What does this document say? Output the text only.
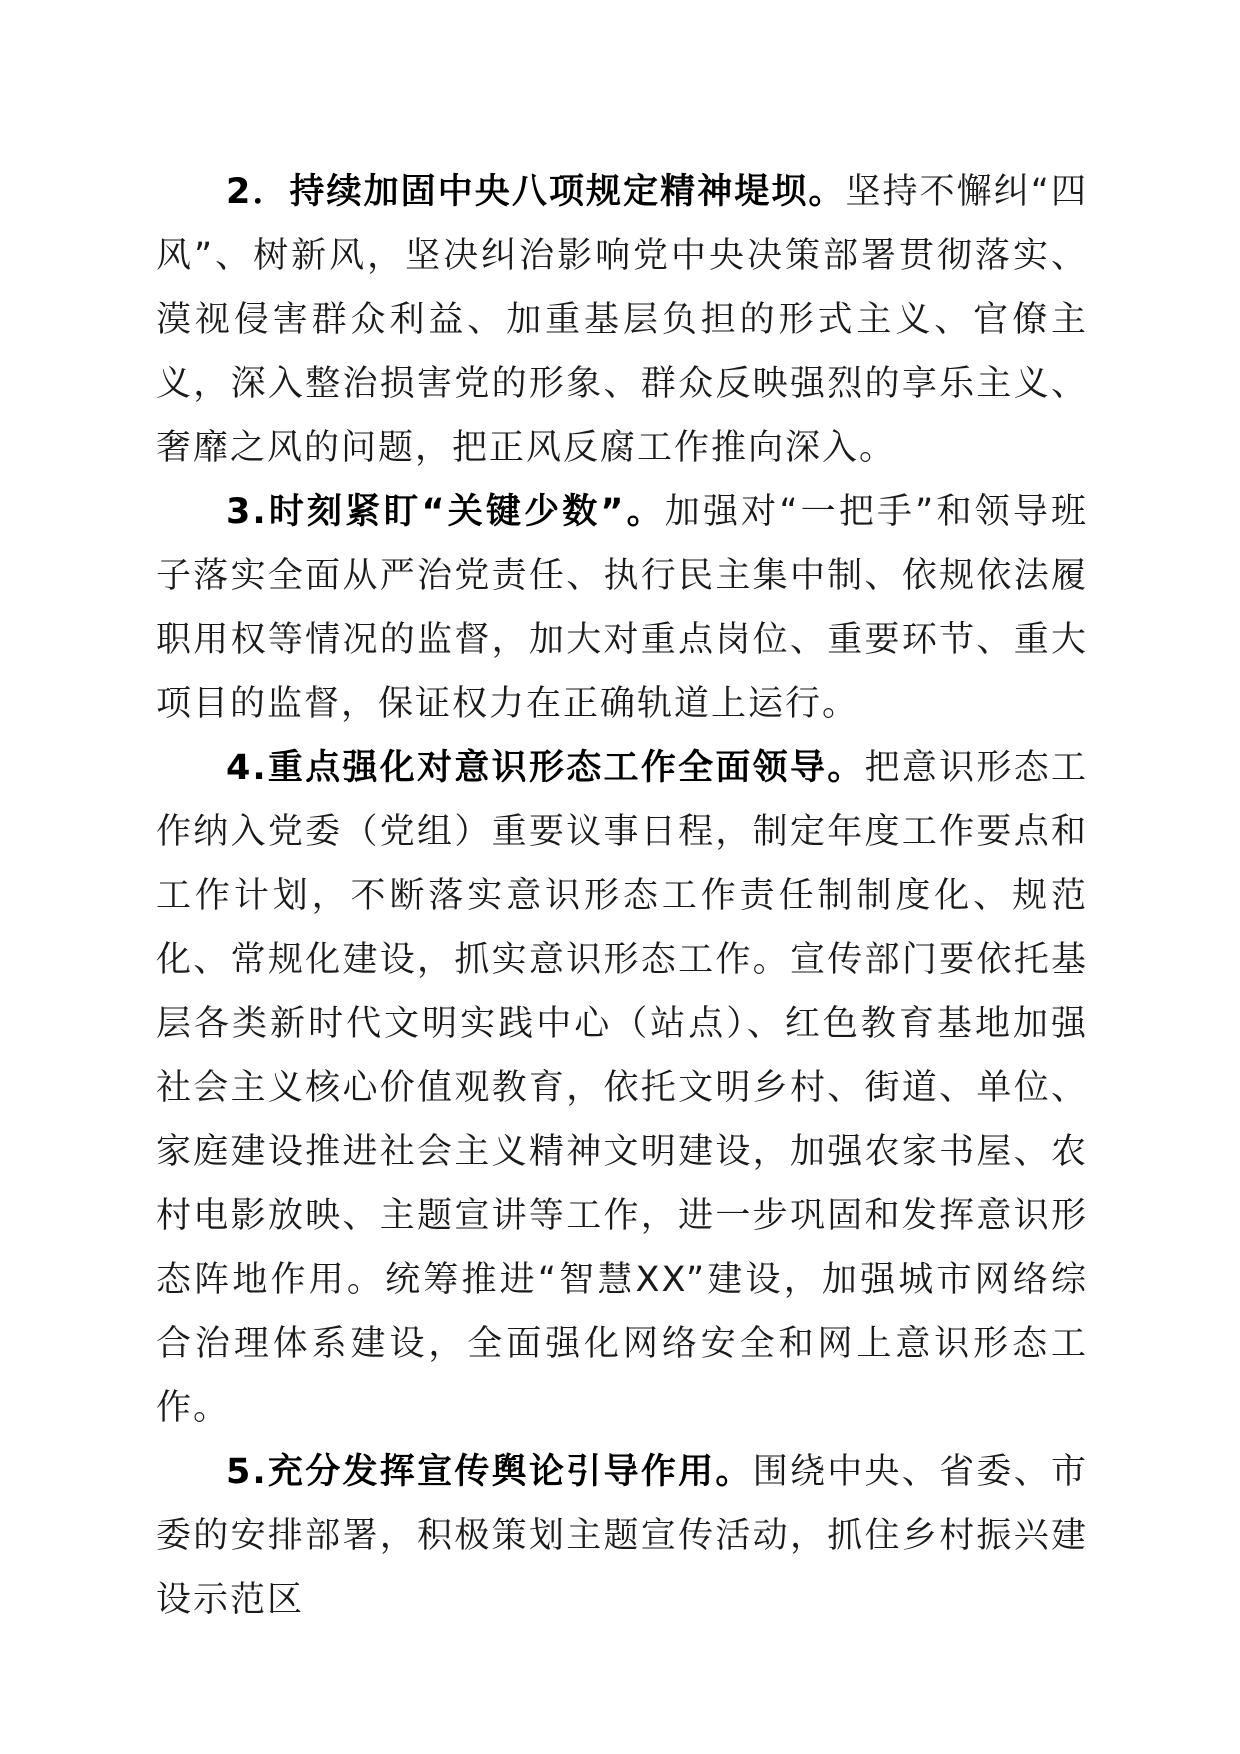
2．持续加固中央八项规定精神堤坝。坚持不懈纠“四风”、树新风，坚决纠治影响党中央决策部署贯彻落实、漠视侵害群众利益、加重基层负担的形式主义、官僚主义，深入整治损害党的形象、群众反映强烈的享乐主义、奢靡之风的问题，把正风反腐工作推向深入。

3.时刻紧盯“关键少数”。加强对“一把手”和领导班子落实全面从严治党责任、执行民主集中制、依规依法履职用权等情况的监督，加大对重点岗位、重要环节、重大项目的监督，保证权力在正确轨道上运行。

4.重点强化对意识形态工作全面领导。把意识形态工作纳入党委（党组）重要议事日程，制定年度工作要点和工作计划，不断落实意识形态工作责任制制度化、规范化、常规化建设，抓实意识形态工作。宣传部门要依托基层各类新时代文明实践中心（站点）、红色教育基地加强社会主义核心价值观教育，依托文明乡村、街道、单位、家庭建设推进社会主义精神文明建设，加强农家书屋、农村电影放映、主题宣讲等工作，进一步巩固和发挥意识形态阵地作用。统筹推进“智慧XX”建设，加强城市网络综合治理体系建设，全面强化网络安全和网上意识形态工作。

5.充分发挥宣传舆论引导作用。围绕中央、省委、市委的安排部署，积极策划主题宣传活动，抓住乡村振兴建设示范区
